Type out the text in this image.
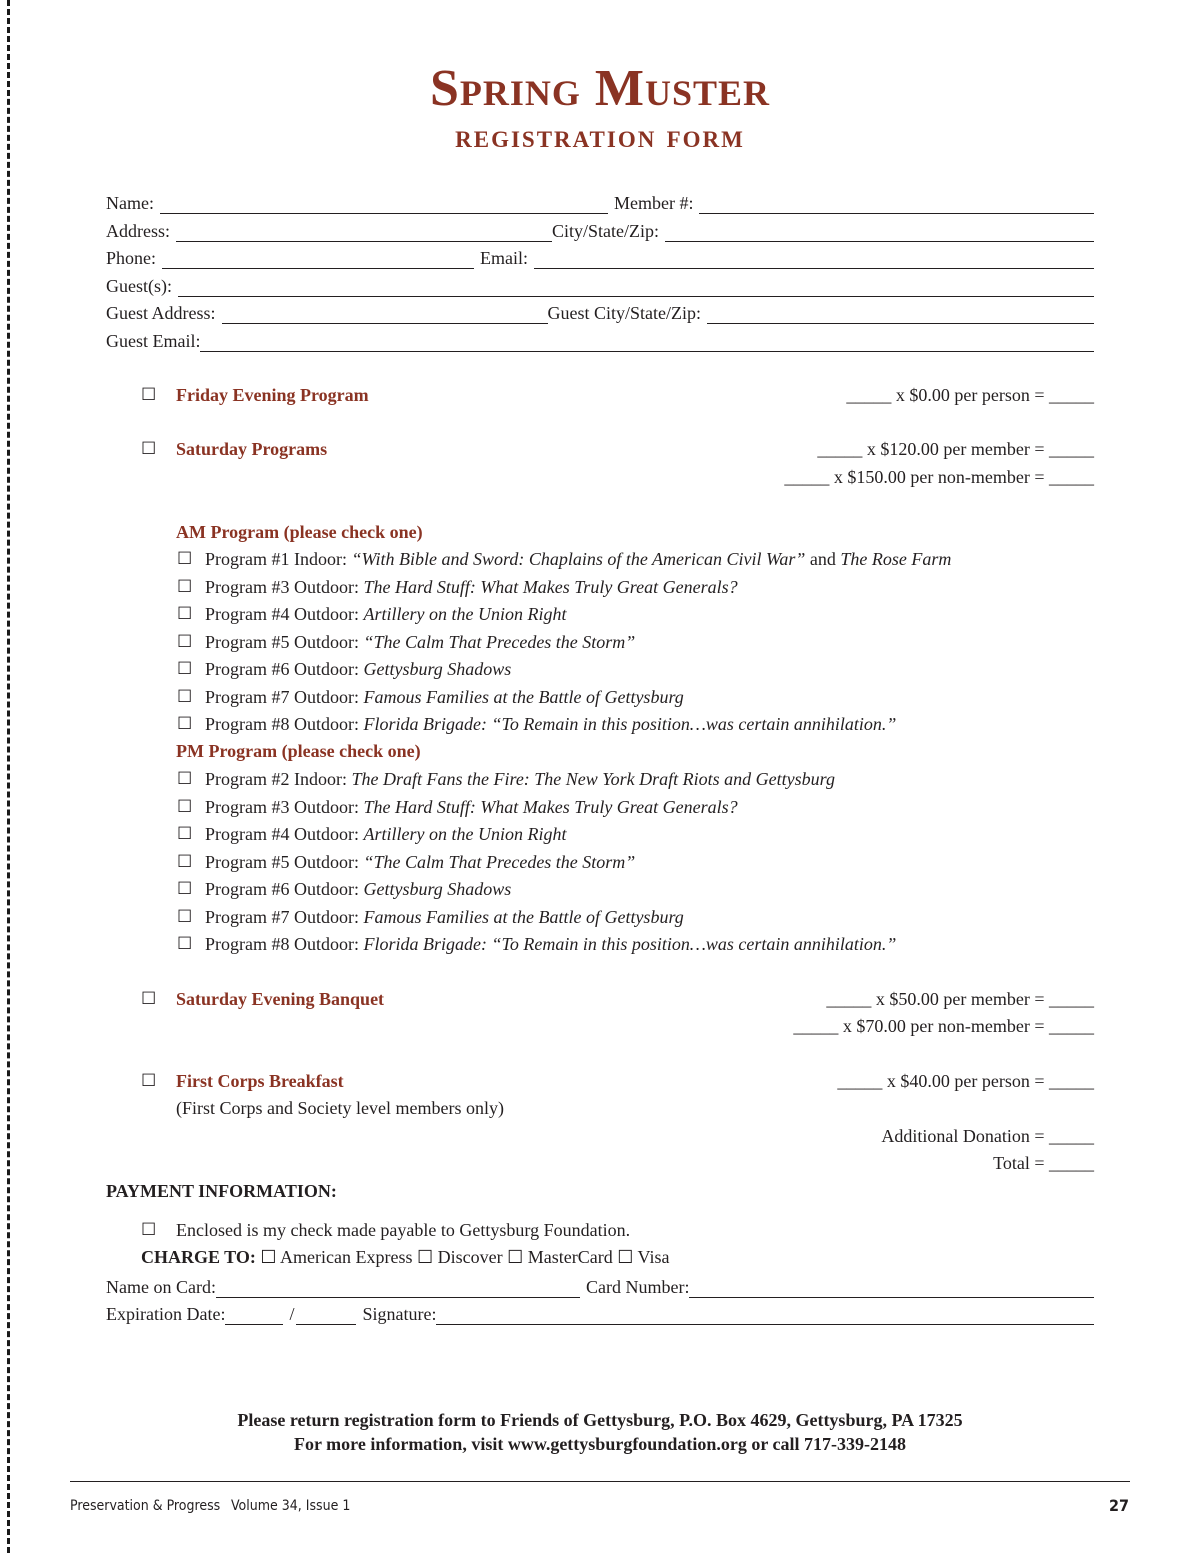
Spring Muster
registration form
Name:	Member #:
Address:	City/State/Zip:
Phone:	Email:
Guest(s):
Guest Address:	Guest City/State/Zip:
Guest Email:
☐ Friday Evening Program	_____ x $0.00 per person = _____
☐ Saturday Programs	_____ x $120.00 per member = _____
_____ x $150.00 per non-member = _____
AM Program (please check one)
☐ Program #1 Indoor: “With Bible and Sword: Chaplains of the American Civil War” and The Rose Farm
☐ Program #3 Outdoor: The Hard Stuff: What Makes Truly Great Generals?
☐ Program #4 Outdoor: Artillery on the Union Right
☐ Program #5 Outdoor: “The Calm That Precedes the Storm”
☐ Program #6 Outdoor: Gettysburg Shadows
☐ Program #7 Outdoor: Famous Families at the Battle of Gettysburg
☐ Program #8 Outdoor: Florida Brigade: “To Remain in this position…was certain annihilation.”
PM Program (please check one)
☐ Program #2 Indoor: The Draft Fans the Fire: The New York Draft Riots and Gettysburg
☐ Program #3 Outdoor: The Hard Stuff: What Makes Truly Great Generals?
☐ Program #4 Outdoor: Artillery on the Union Right
☐ Program #5 Outdoor: “The Calm That Precedes the Storm”
☐ Program #6 Outdoor: Gettysburg Shadows
☐ Program #7 Outdoor: Famous Families at the Battle of Gettysburg
☐ Program #8 Outdoor: Florida Brigade: “To Remain in this position…was certain annihilation.”
☐ Saturday Evening Banquet	_____ x $50.00 per member = _____
_____ x $70.00 per non-member = _____
☐ First Corps Breakfast
(First Corps and Society level members only)
_____ x $40.00 per person = _____
Additional Donation = _____
Total = _____
PAYMENT INFORMATION:
☐ Enclosed is my check made payable to Gettysburg Foundation.
CHARGE TO: ☐ American Express ☐ Discover ☐ MasterCard ☐ Visa
Name on Card:	Card Number:
Expiration Date:	/	Signature:
Please return registration form to Friends of Gettysburg, P.O. Box 4629, Gettysburg, PA 17325
For more information, visit www.gettysburgfoundation.org or call 717-339-2148
Preservation & Progress Volume 34, Issue 1	27
